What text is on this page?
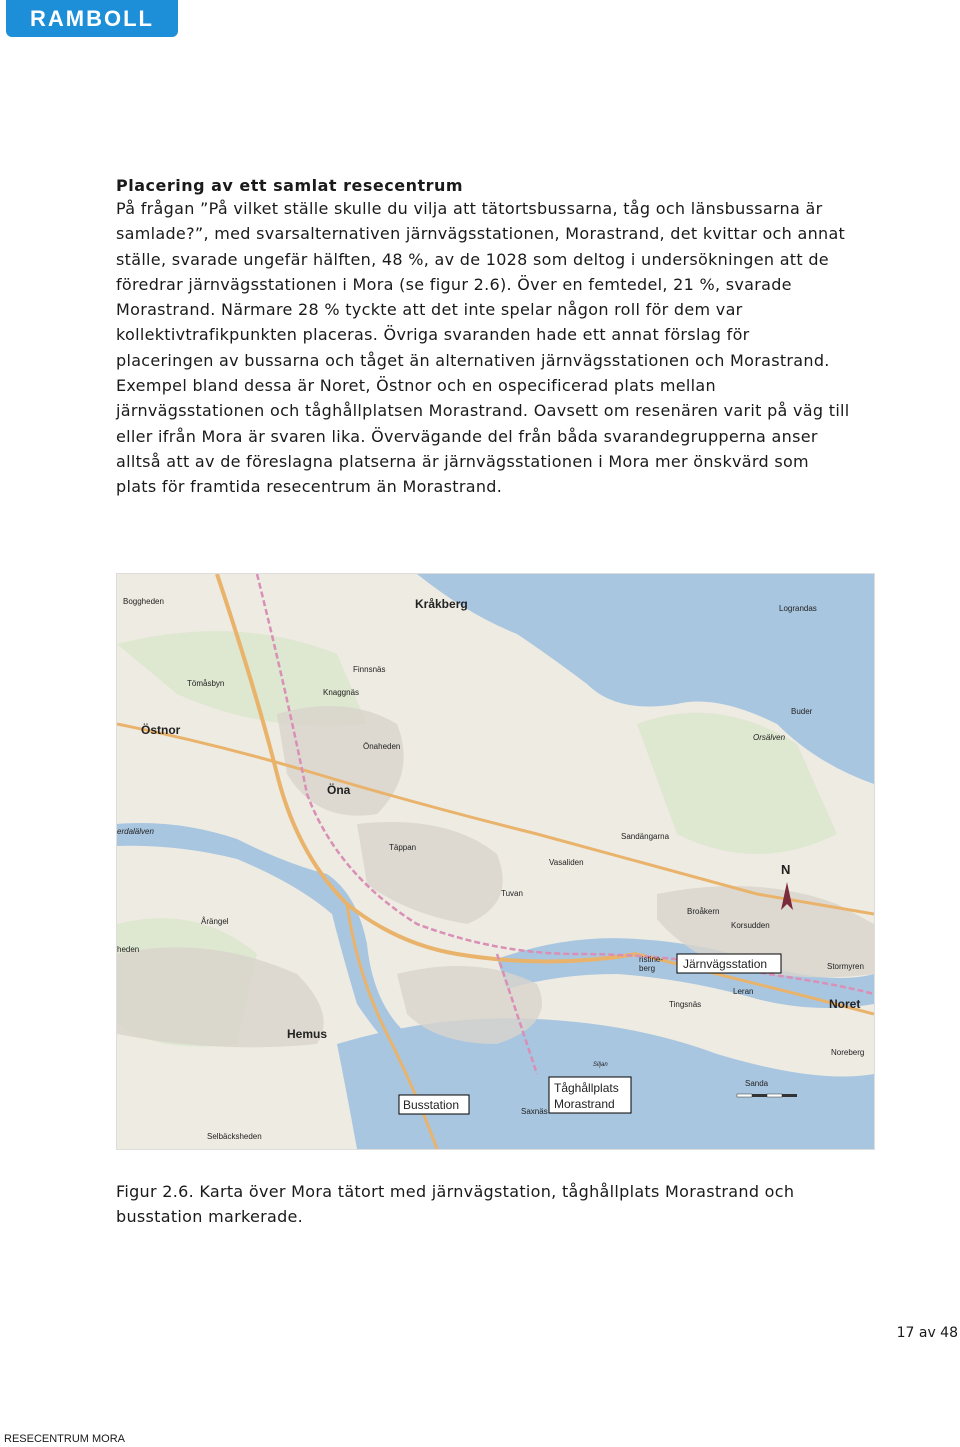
RAMBOLL
Placering av ett samlat resecentrum
På frågan ”På vilket ställe skulle du vilja att tätortsbussarna, tåg och länsbussarna är samlade?”, med svarsalternativen järnvägsstationen, Morastrand, det kvittar och annat ställe, svarade ungefär hälften, 48 %, av de 1028 som deltog i undersökningen att de föredrar järnvägsstationen i Mora (se figur 2.6). Över en femtedel, 21 %, svarade Morastrand. Närmare 28 % tyckte att det inte spelar någon roll för dem var kollektivtrafikpunkten placeras. Övriga svaranden hade ett annat förslag för placeringen av bussarna och tåget än alternativen järnvägsstationen och Morastrand. Exempel bland dessa är Noret, Östnor och en ospecificerad plats mellan järnvägsstationen och tåghållplatsen Morastrand. Oavsett om resenären varit på väg till eller ifrån Mora är svaren lika. Övervägande del från båda svarandegrupperna anser alltså att av de föreslagna platserna är järnvägsstationen i Mora mer önskvärd som plats för framtida resecentrum än Morastrand.
Kråkberg
Boggheden
Lograndas
Finnsnäs
Tömåsbyn
Knaggnäs
Östnor
Buder
Orsälven
Önaheden
Öna
erdalälven
Sandängarna
Täppan
Vasaliden
Tuvan
Årängel
Broåkern
Korsudden
heden
ristine-
berg	Stormyren
Tingsnäs
Leran
Noret
Hemus
Noreberg
Sanda
Saxnäs
Selbäcksheden
Siljan
N
Järnvägsstation
Tåghållplats
Morastrand
Busstation
Figur 2.6. Karta över Mora tätort med järnvägstation, tåghållplats Morastrand och busstation markerade.
17 av 48
RESECENTRUM MORA
